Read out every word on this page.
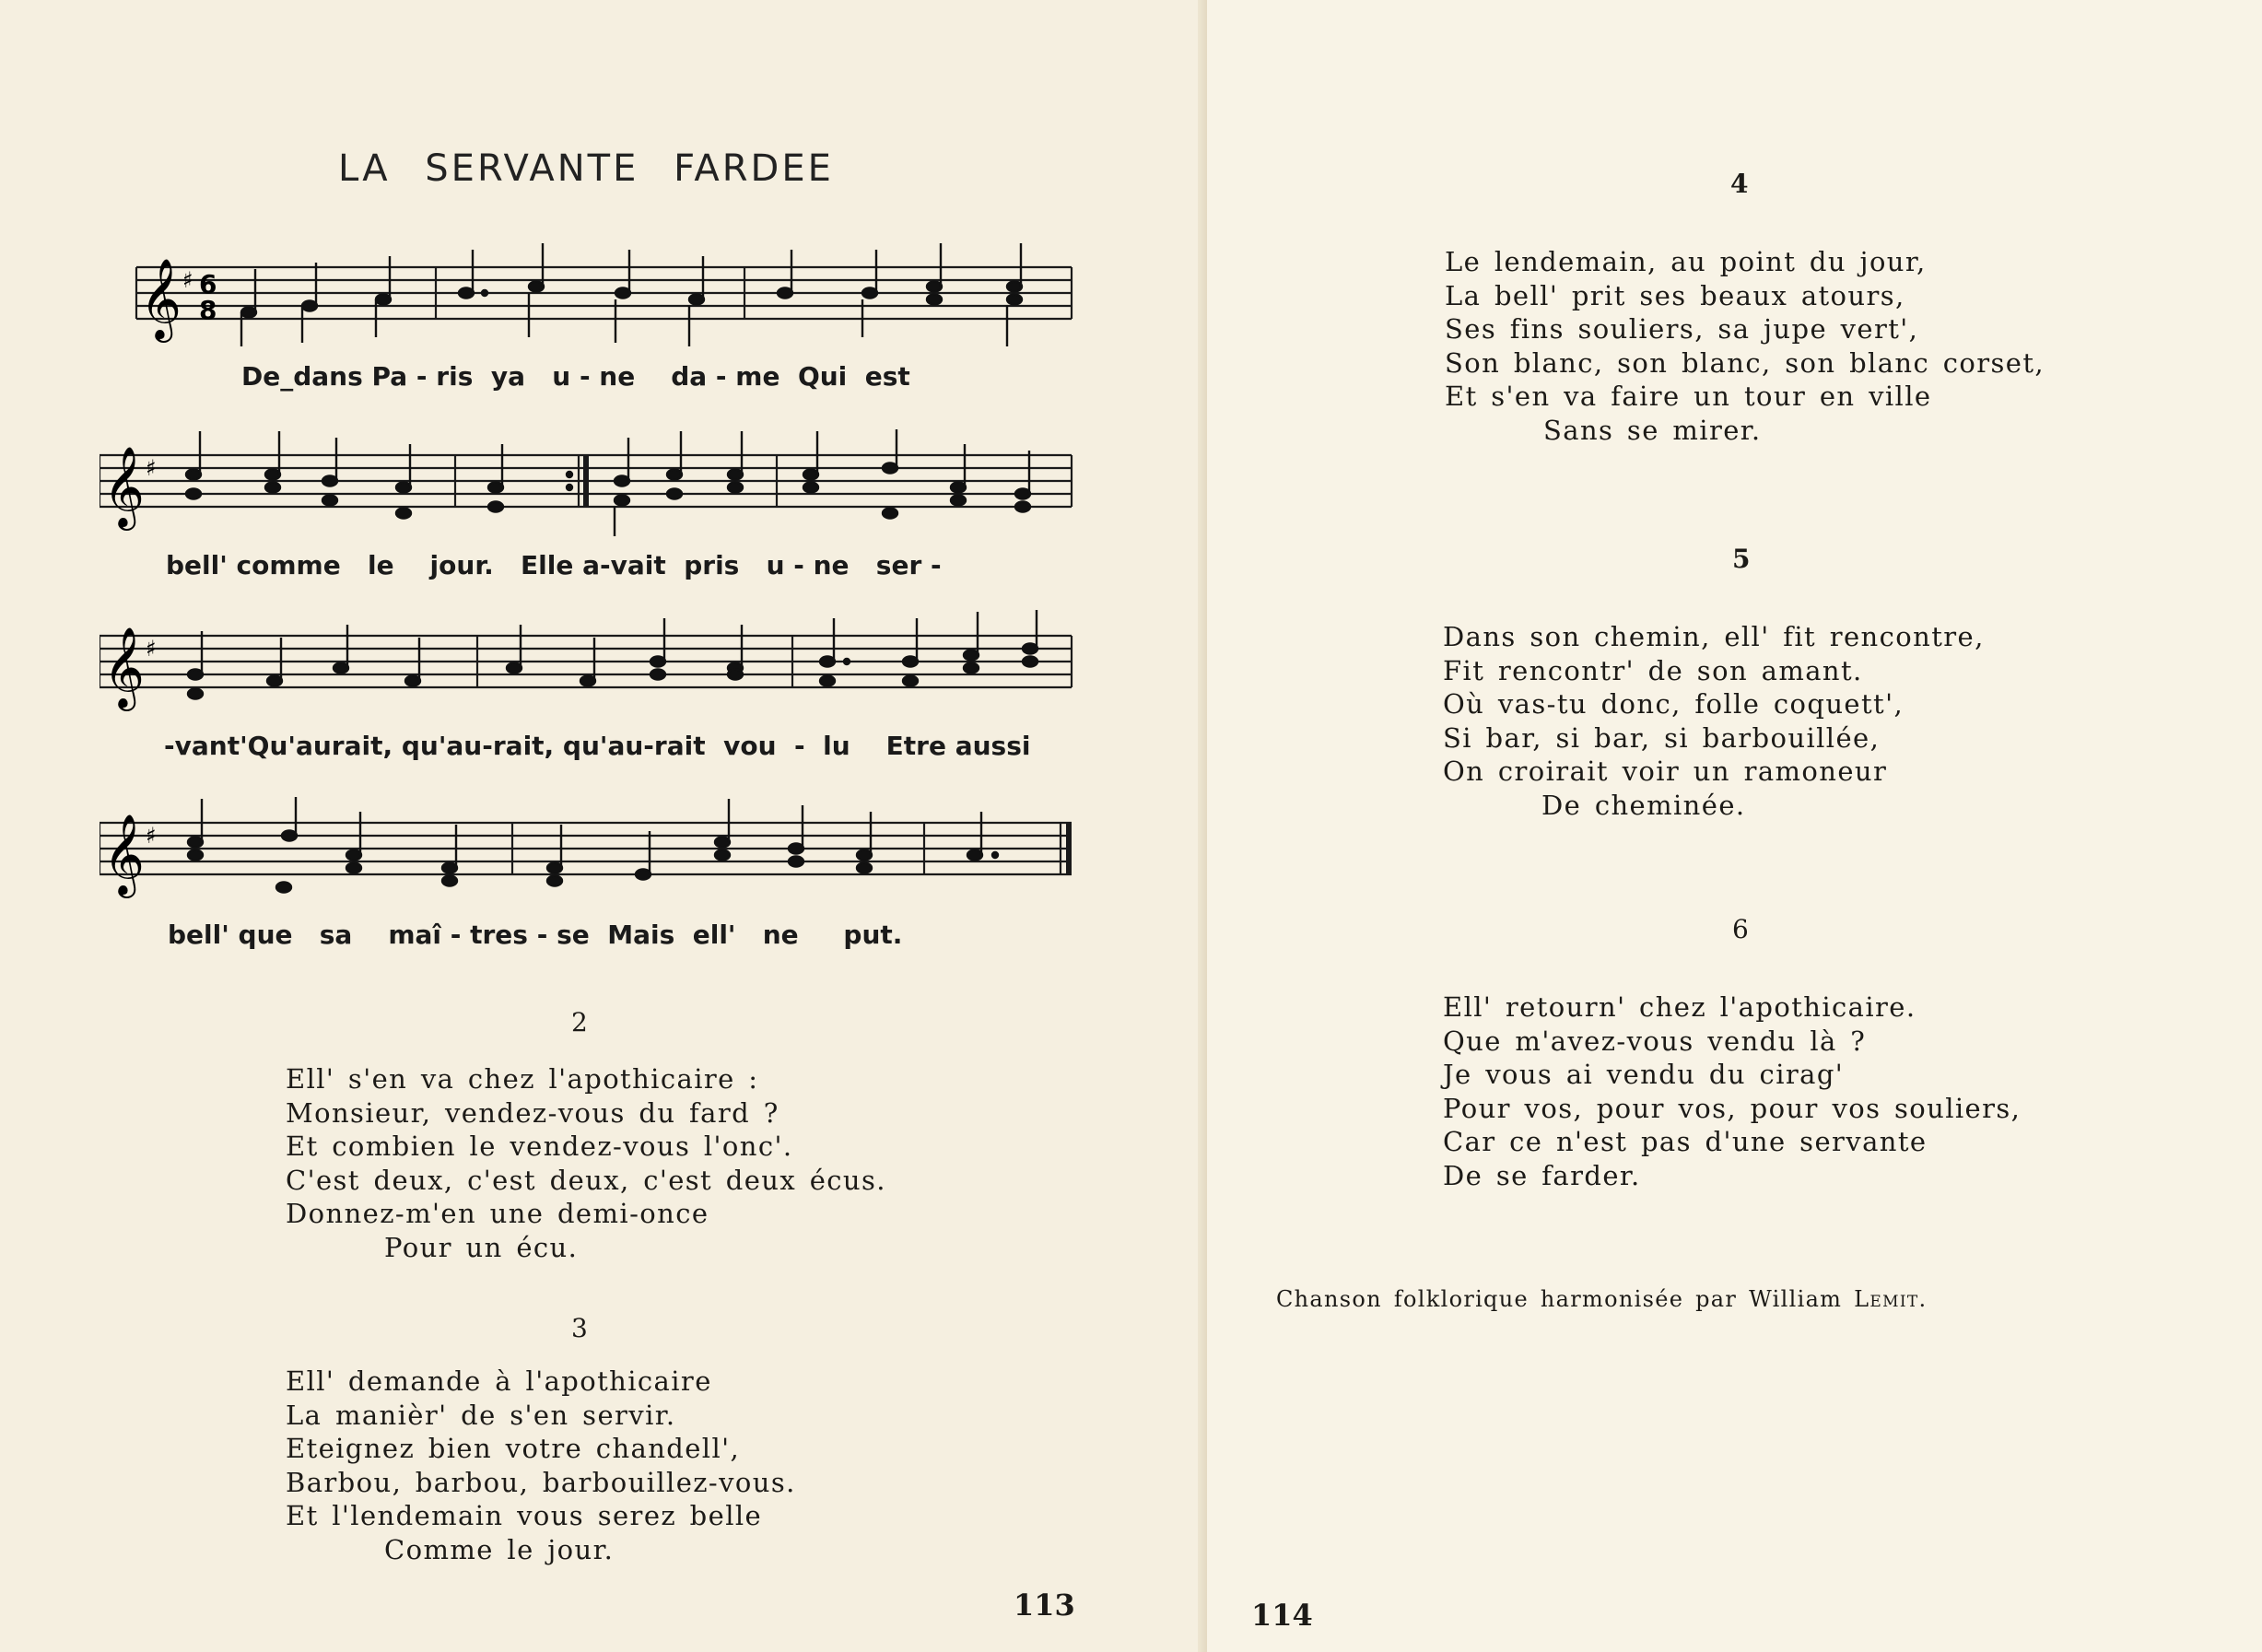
LA SERVANTE FARDEE
𝄞 ♯ 6
8
De_dans Pa - ris  ya   u - ne    da - me  Qui  est
𝄞 ♯
bell' comme   le    jour.   Elle a-vait  pris   u - ne   ser -
𝄞 ♯
-vant'Qu'aurait, qu'au-rait, qu'au-rait  vou  -  lu    Etre aussi
𝄞 ♯
bell' que   sa    maî - tres - se  Mais  ell'   ne     put.
2
Ell' s'en va chez l'apothicaire :
Monsieur, vendez-vous du fard ?
Et combien le vendez-vous l'onc'.
C'est deux, c'est deux, c'est deux écus.
Donnez-m'en une demi-once
Pour un écu.
3
Ell' demande à l'apothicaire
La manièr' de s'en servir.
Eteignez bien votre chandell',
Barbou, barbou, barbouillez-vous.
Et l'lendemain vous serez belle
Comme le jour.
113
4
Le lendemain, au point du jour,
La bell' prit ses beaux atours,
Ses fins souliers, sa jupe vert',
Son blanc, son blanc, son blanc corset,
Et s'en va faire un tour en ville
Sans se mirer.
5
Dans son chemin, ell' fit rencontre,
Fit rencontr' de son amant.
Où vas-tu donc, folle coquett',
Si bar, si bar, si barbouillée,
On croirait voir un ramoneur
De cheminée.
6
Ell' retourn' chez l'apothicaire.
Que m'avez-vous vendu là ?
Je vous ai vendu du cirag'
Pour vos, pour vos, pour vos souliers,
Car ce n'est pas d'une servante
De se farder.
Chanson folklorique harmonisée par William Lemit.
114
